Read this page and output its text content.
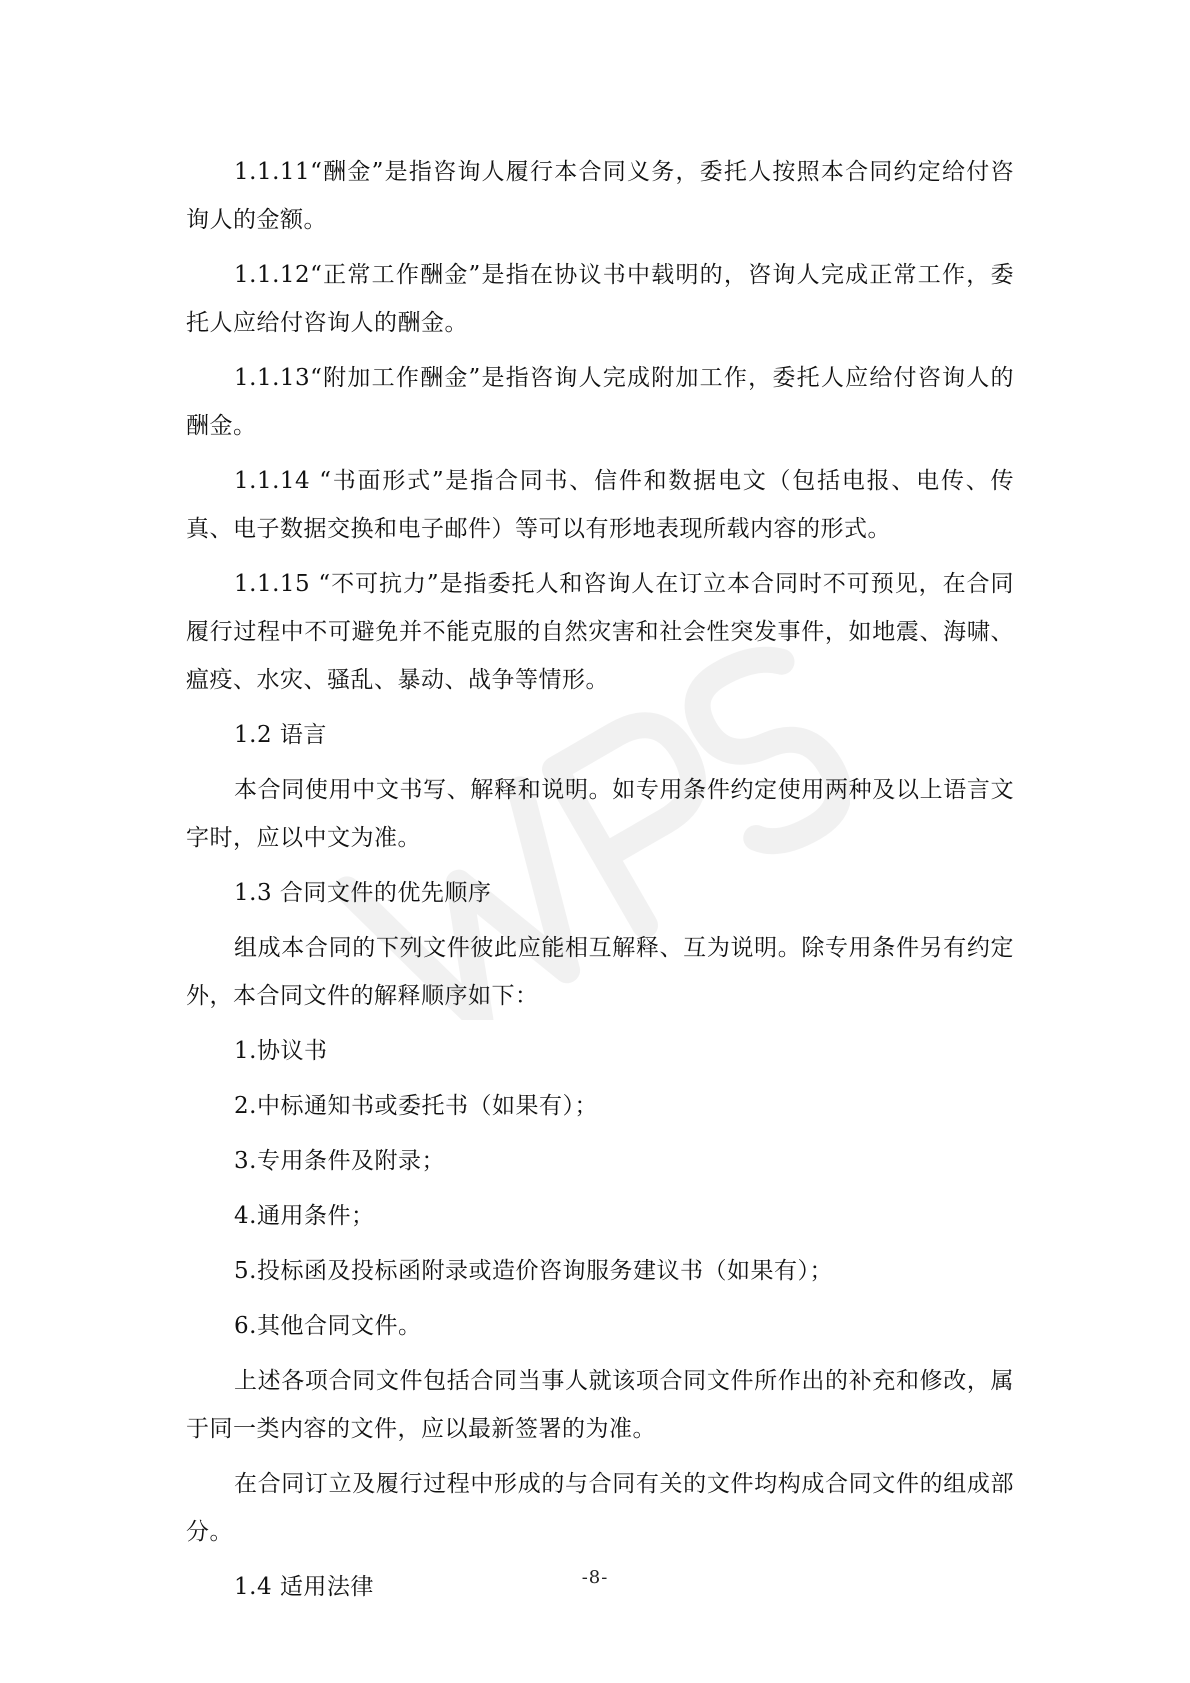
1.1.11“酬金”是指咨询人履行本合同义务，委托人按照本合同约定给付咨询人的金额。

1.1.12“正常工作酬金”是指在协议书中载明的，咨询人完成正常工作，委托人应给付咨询人的酬金。

1.1.13“附加工作酬金”是指咨询人完成附加工作，委托人应给付咨询人的酬金。

1.1.14 “书面形式”是指合同书、信件和数据电文（包括电报、电传、传真、电子数据交换和电子邮件）等可以有形地表现所载内容的形式。

1.1.15 “不可抗力”是指委托人和咨询人在订立本合同时不可预见，在合同履行过程中不可避免并不能克服的自然灾害和社会性突发事件，如地震、海啸、瘟疫、水灾、骚乱、暴动、战争等情形。

1.2 语言

本合同使用中文书写、解释和说明。如专用条件约定使用两种及以上语言文字时，应以中文为准。

1.3 合同文件的优先顺序

组成本合同的下列文件彼此应能相互解释、互为说明。除专用条件另有约定外，本合同文件的解释顺序如下：

1.协议书

2.中标通知书或委托书（如果有）；

3.专用条件及附录；

4.通用条件；

5.投标函及投标函附录或造价咨询服务建议书（如果有）；

6.其他合同文件。

上述各项合同文件包括合同当事人就该项合同文件所作出的补充和修改，属于同一类内容的文件，应以最新签署的为准。

在合同订立及履行过程中形成的与合同有关的文件均构成合同文件的组成部分。

1.4 适用法律	-8-
